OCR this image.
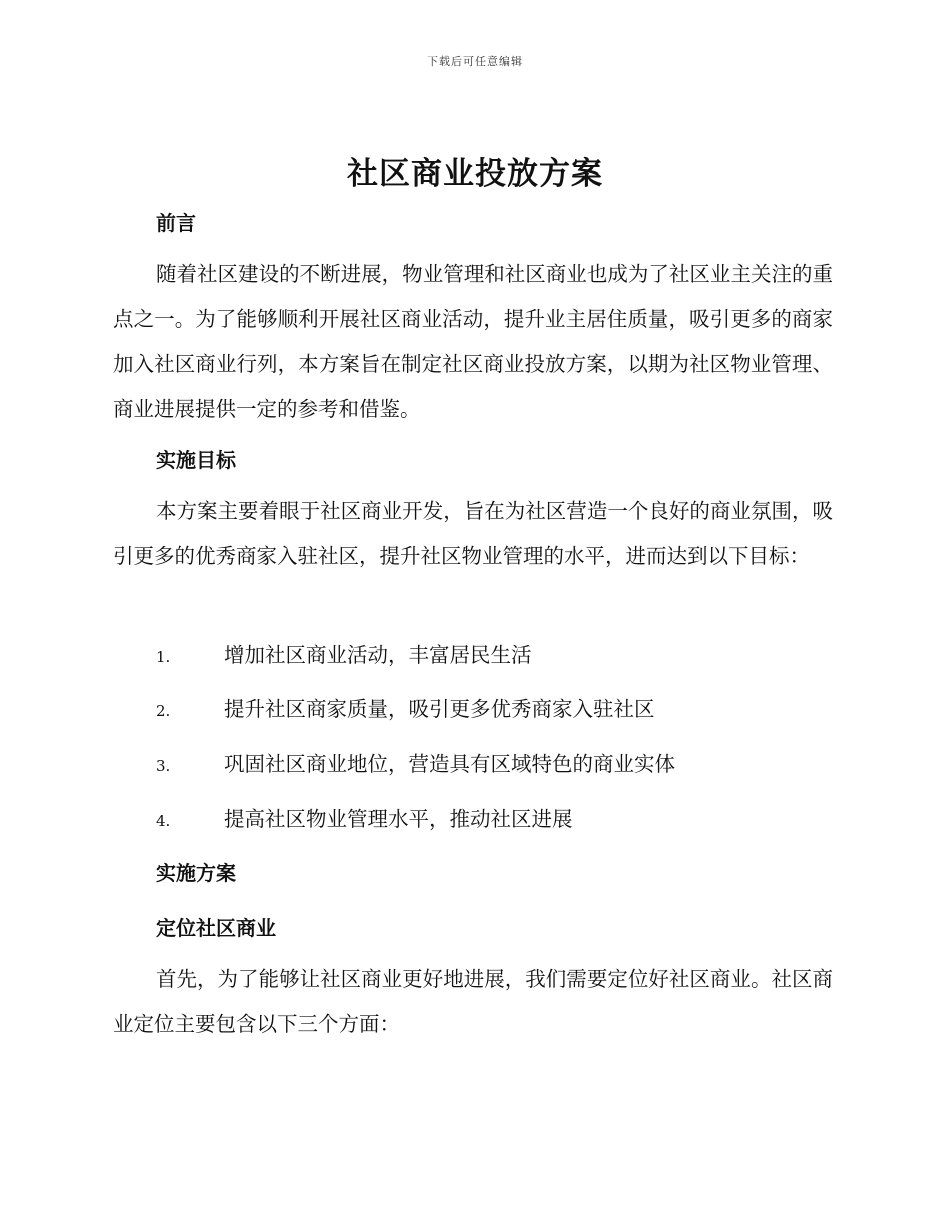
下载后可任意编辑
社区商业投放方案
前言

随着社区建设的不断进展，物业管理和社区商业也成为了社区业主关注的重点之一。为了能够顺利开展社区商业活动，提升业主居住质量，吸引更多的商家加入社区商业行列，本方案旨在制定社区商业投放方案，以期为社区物业管理、商业进展提供一定的参考和借鉴。

实施目标

本方案主要着眼于社区商业开发，旨在为社区营造一个良好的商业氛围，吸引更多的优秀商家入驻社区，提升社区物业管理的水平，进而达到以下目标：

1.	增加社区商业活动，丰富居民生活
2.	提升社区商家质量，吸引更多优秀商家入驻社区
3.	巩固社区商业地位，营造具有区域特色的商业实体
4.	提高社区物业管理水平，推动社区进展
实施方案
定位社区商业

首先，为了能够让社区商业更好地进展，我们需要定位好社区商业。社区商业定位主要包含以下三个方面：
